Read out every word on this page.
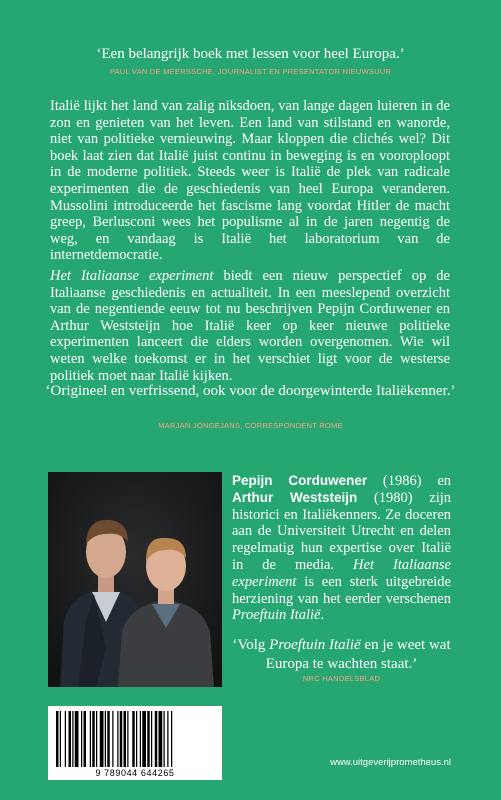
‘Een belangrijk boek met lessen voor heel Europa.’
PAUL VAN DE MEERSSCHE, JOURNALIST EN PRESENTATOR NIEUWSUUR

Italië lijkt het land van zalig niksdoen, van lange dagen luieren in de zon en genieten van het leven. Een land van stilstand en wanorde, niet van politieke vernieuwing. Maar kloppen die clichés wel? Dit boek laat zien dat Italië juist continu in beweging is en vooroploopt in de moderne politiek. Steeds weer is Italië de plek van radicale experimenten die de geschiedenis van heel Europa veranderen. Mussolini introduceerde het fascisme lang voordat Hitler de macht greep, Berlusconi wees het populisme al in de jaren negentig de weg, en vandaag is Italië het laboratorium van de internetdemocratie.

Het Italiaanse experiment biedt een nieuw perspectief op de Italiaanse geschiedenis en actualiteit. In een meeslepend overzicht van de negentiende eeuw tot nu beschrijven Pepijn Corduwener en Arthur Weststeijn hoe Italië keer op keer nieuwe politieke experimenten lanceert die elders worden overgenomen. Wie wil weten welke toekomst er in het verschiet ligt voor de westerse politiek moet naar Italië kijken.

‘Origineel en verfrissend, ook voor de doorgewinterde Italiëkenner.’
MARJAN JONGEJANS, CORRESPONDENT ROME

Pepijn Corduwener (1986) en Arthur Weststeijn (1980) zijn historici en Italiëkenners. Ze doceren aan de Universiteit Utrecht en delen regelmatig hun expertise over Italië in de media. Het Italiaanse experiment is een sterk uitgebreide herziening van het eerder verschenen Proeftuin Italië.

‘Volg Proeftuin Italië en je weet wat Europa te wachten staat.’
NRC HANDELSBLAD
9 789044 644265
www.uitgeverijprometheus.nl
